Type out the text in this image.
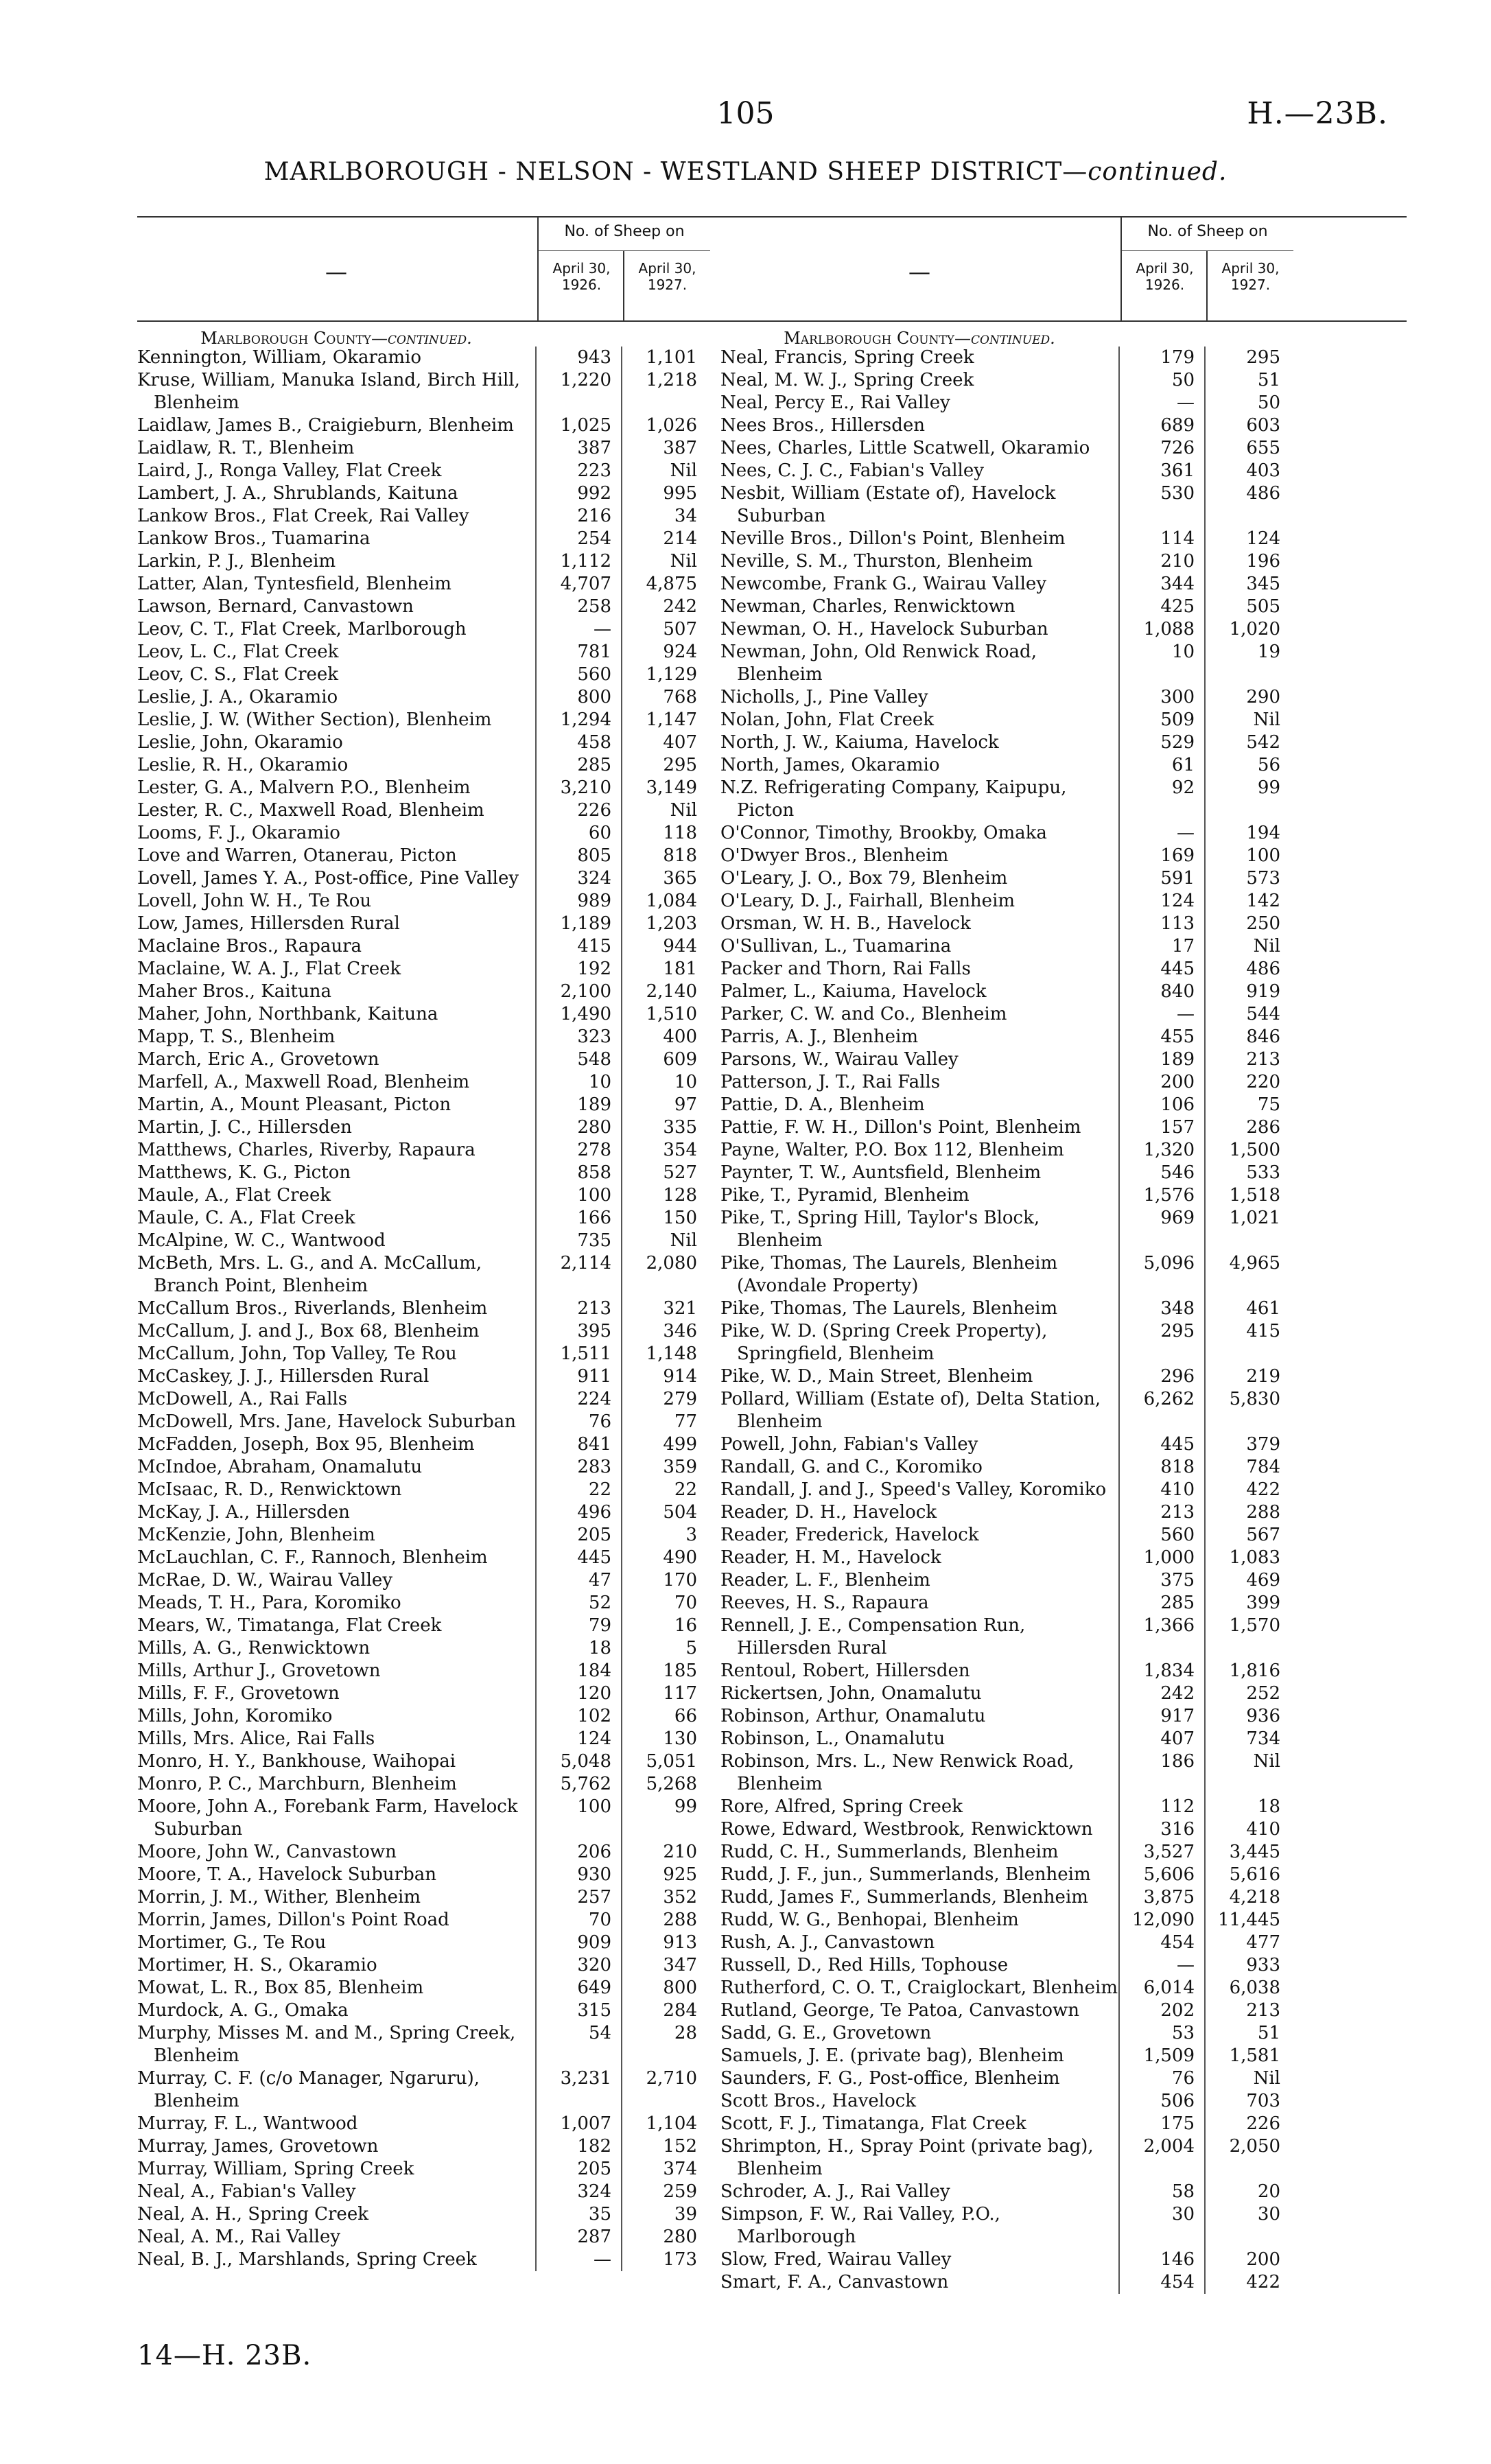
105	H.—23B.
MARLBOROUGH - NELSON - WESTLAND SHEEP DISTRICT—continued.
—
No. of Sheep on
April 30, 1926.
April 30, 1927.
Marlborough County—continued.
Kennington, William, Okaramio	943	1,101
Kruse, William, Manuka Island, Birch Hill, Blenheim
1,220	1,218
Laidlaw, James B., Craigieburn, Blenheim	1,025	1,026
Laidlaw, R. T., Blenheim	387	387
Laird, J., Ronga Valley, Flat Creek	223	Nil
Lambert, J. A., Shrublands, Kaituna	992	995
Lankow Bros., Flat Creek, Rai Valley	216	34
Lankow Bros., Tuamarina	254	214
Larkin, P. J., Blenheim	1,112	Nil
Latter, Alan, Tyntesfield, Blenheim	4,707	4,875
Lawson, Bernard, Canvastown	258	242
Leov, C. T., Flat Creek, Marlborough	—	507
Leov, L. C., Flat Creek	781	924
Leov, C. S., Flat Creek	560	1,129
Leslie, J. A., Okaramio	800	768
Leslie, J. W. (Wither Section), Blenheim	1,294	1,147
Leslie, John, Okaramio	458	407
Leslie, R. H., Okaramio	285	295
Lester, G. A., Malvern P.O., Blenheim	3,210	3,149
Lester, R. C., Maxwell Road, Blenheim	226	Nil
Looms, F. J., Okaramio	60	118
Love and Warren, Otanerau, Picton	805	818
Lovell, James Y. A., Post-office, Pine Valley	324	365
Lovell, John W. H., Te Rou	989	1,084
Low, James, Hillersden Rural	1,189	1,203
Maclaine Bros., Rapaura	415	944
Maclaine, W. A. J., Flat Creek	192	181
Maher Bros., Kaituna	2,100	2,140
Maher, John, Northbank, Kaituna	1,490	1,510
Mapp, T. S., Blenheim	323	400
March, Eric A., Grovetown	548	609
Marfell, A., Maxwell Road, Blenheim	10	10
Martin, A., Mount Pleasant, Picton	189	97
Martin, J. C., Hillersden	280	335
Matthews, Charles, Riverby, Rapaura	278	354
Matthews, K. G., Picton	858	527
Maule, A., Flat Creek	100	128
Maule, C. A., Flat Creek	166	150
McAlpine, W. C., Wantwood	735	Nil
McBeth, Mrs. L. G., and A. McCallum, Branch Point, Blenheim
2,114	2,080
McCallum Bros., Riverlands, Blenheim	213	321
McCallum, J. and J., Box 68, Blenheim	395	346
McCallum, John, Top Valley, Te Rou	1,511	1,148
McCaskey, J. J., Hillersden Rural	911	914
McDowell, A., Rai Falls	224	279
McDowell, Mrs. Jane, Havelock Suburban	76	77
McFadden, Joseph, Box 95, Blenheim	841	499
McIndoe, Abraham, Onamalutu	283	359
McIsaac, R. D., Renwicktown	22	22
McKay, J. A., Hillersden	496	504
McKenzie, John, Blenheim	205	3
McLauchlan, C. F., Rannoch, Blenheim	445	490
McRae, D. W., Wairau Valley	47	170
Meads, T. H., Para, Koromiko	52	70
Mears, W., Timatanga, Flat Creek	79	16
Mills, A. G., Renwicktown	18	5
Mills, Arthur J., Grovetown	184	185
Mills, F. F., Grovetown	120	117
Mills, John, Koromiko	102	66
Mills, Mrs. Alice, Rai Falls	124	130
Monro, H. Y., Bankhouse, Waihopai	5,048	5,051
Monro, P. C., Marchburn, Blenheim	5,762	5,268
Moore, John A., Forebank Farm, Havelock Suburban
100	99
Moore, John W., Canvastown	206	210
Moore, T. A., Havelock Suburban	930	925
Morrin, J. M., Wither, Blenheim	257	352
Morrin, James, Dillon's Point Road	70	288
Mortimer, G., Te Rou	909	913
Mortimer, H. S., Okaramio	320	347
Mowat, L. R., Box 85, Blenheim	649	800
Murdock, A. G., Omaka	315	284
Murphy, Misses M. and M., Spring Creek, Blenheim
54	28
Murray, C. F. (c/o Manager, Ngaruru), Blenheim
3,231	2,710
Murray, F. L., Wantwood	1,007	1,104
Murray, James, Grovetown	182	152
Murray, William, Spring Creek	205	374
Neal, A., Fabian's Valley	324	259
Neal, A. H., Spring Creek	35	39
Neal, A. M., Rai Valley	287	280
Neal, B. J., Marshlands, Spring Creek	—	173
—
No. of Sheep on
April 30, 1926.
April 30, 1927.
Marlborough County—continued.
Neal, Francis, Spring Creek	179	295
Neal, M. W. J., Spring Creek	50	51
Neal, Percy E., Rai Valley	—	50
Nees Bros., Hillersden	689	603
Nees, Charles, Little Scatwell, Okaramio	726	655
Nees, C. J. C., Fabian's Valley	361	403
Nesbit, William (Estate of), Havelock Suburban
530	486
Neville Bros., Dillon's Point, Blenheim	114	124
Neville, S. M., Thurston, Blenheim	210	196
Newcombe, Frank G., Wairau Valley	344	345
Newman, Charles, Renwicktown	425	505
Newman, O. H., Havelock Suburban	1,088	1,020
Newman, John, Old Renwick Road, Blenheim
10	19
Nicholls, J., Pine Valley	300	290
Nolan, John, Flat Creek	509	Nil
North, J. W., Kaiuma, Havelock	529	542
North, James, Okaramio	61	56
N.Z. Refrigerating Company, Kaipupu, Picton
92	99
O'Connor, Timothy, Brookby, Omaka	—	194
O'Dwyer Bros., Blenheim	169	100
O'Leary, J. O., Box 79, Blenheim	591	573
O'Leary, D. J., Fairhall, Blenheim	124	142
Orsman, W. H. B., Havelock	113	250
O'Sullivan, L., Tuamarina	17	Nil
Packer and Thorn, Rai Falls	445	486
Palmer, L., Kaiuma, Havelock	840	919
Parker, C. W. and Co., Blenheim	—	544
Parris, A. J., Blenheim	455	846
Parsons, W., Wairau Valley	189	213
Patterson, J. T., Rai Falls	200	220
Pattie, D. A., Blenheim	106	75
Pattie, F. W. H., Dillon's Point, Blenheim	157	286
Payne, Walter, P.O. Box 112, Blenheim	1,320	1,500
Paynter, T. W., Auntsfield, Blenheim	546	533
Pike, T., Pyramid, Blenheim	1,576	1,518
Pike, T., Spring Hill, Taylor's Block, Blenheim
969	1,021
Pike, Thomas, The Laurels, Blenheim (Avondale Property)
5,096	4,965
Pike, Thomas, The Laurels, Blenheim	348	461
Pike, W. D. (Spring Creek Property), Springfield, Blenheim
295	415
Pike, W. D., Main Street, Blenheim	296	219
Pollard, William (Estate of), Delta Station, Blenheim
6,262	5,830
Powell, John, Fabian's Valley	445	379
Randall, G. and C., Koromiko	818	784
Randall, J. and J., Speed's Valley, Koromiko	410	422
Reader, D. H., Havelock	213	288
Reader, Frederick, Havelock	560	567
Reader, H. M., Havelock	1,000	1,083
Reader, L. F., Blenheim	375	469
Reeves, H. S., Rapaura	285	399
Rennell, J. E., Compensation Run, Hillersden Rural
1,366	1,570
Rentoul, Robert, Hillersden	1,834	1,816
Rickertsen, John, Onamalutu	242	252
Robinson, Arthur, Onamalutu	917	936
Robinson, L., Onamalutu	407	734
Robinson, Mrs. L., New Renwick Road, Blenheim
186	Nil
Rore, Alfred, Spring Creek	112	18
Rowe, Edward, Westbrook, Renwicktown	316	410
Rudd, C. H., Summerlands, Blenheim	3,527	3,445
Rudd, J. F., jun., Summerlands, Blenheim	5,606	5,616
Rudd, James F., Summerlands, Blenheim	3,875	4,218
Rudd, W. G., Benhopai, Blenheim	12,090	11,445
Rush, A. J., Canvastown	454	477
Russell, D., Red Hills, Tophouse	—	933
Rutherford, C. O. T., Craiglockart, Blenheim	6,014	6,038
Rutland, George, Te Patoa, Canvastown	202	213
Sadd, G. E., Grovetown	53	51
Samuels, J. E. (private bag), Blenheim	1,509	1,581
Saunders, F. G., Post-office, Blenheim	76	Nil
Scott Bros., Havelock	506	703
Scott, F. J., Timatanga, Flat Creek	175	226
Shrimpton, H., Spray Point (private bag), Blenheim
2,004	2,050
Schroder, A. J., Rai Valley	58	20
Simpson, F. W., Rai Valley, P.O., Marlborough
30	30
Slow, Fred, Wairau Valley	146	200
Smart, F. A., Canvastown	454	422
14—H. 23B.
